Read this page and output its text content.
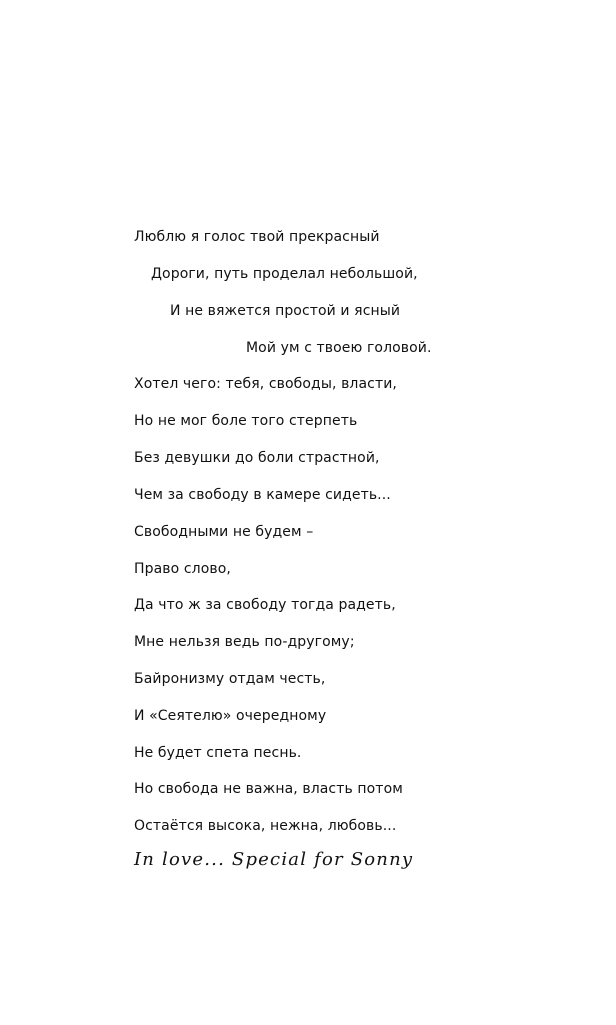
Люблю я голос твой прекрасный
Дороги, путь проделал небольшой,
И не вяжется простой и ясный
Мой ум с твоею головой.
Хотел чего: тебя, свободы, власти,
Но не мог боле того стерпеть
Без девушки до боли страстной,
Чем за свободу в камере сидеть...
Свободными не будем –
Право слово,
Да что ж за свободу тогда радеть,
Мне нельзя ведь по-другому;
Байронизму отдам честь,
И «Сеятелю» очередному
Не будет спета песнь.
Но свобода не важна, власть потом
Остаётся высока, нежна, любовь...
In love... Special for Sonny
